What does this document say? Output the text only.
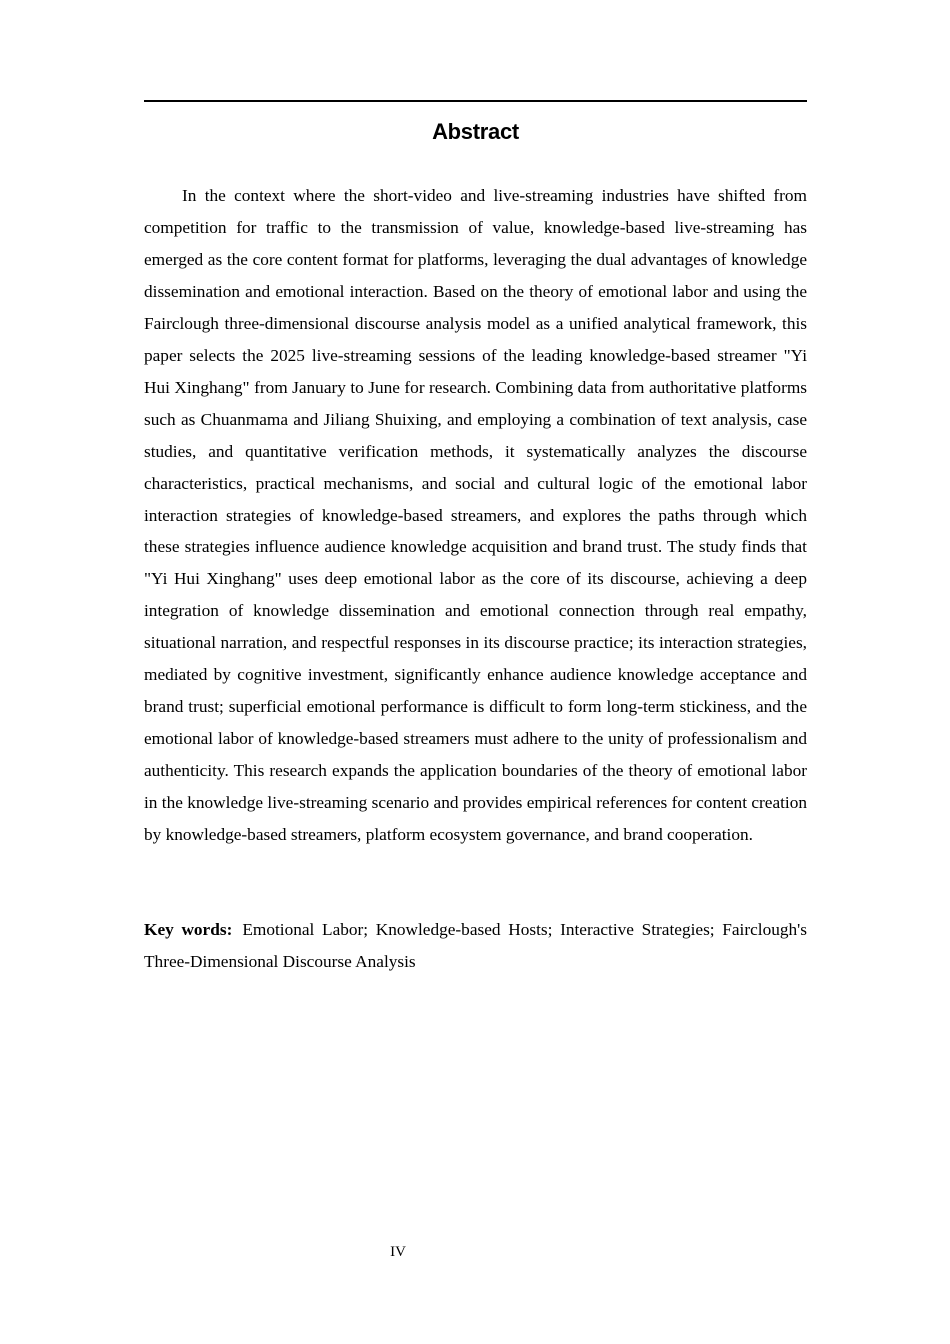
Abstract

In the context where the short-video and live-streaming industries have shifted from competition for traffic to the transmission of value, knowledge-based live-streaming has emerged as the core content format for platforms, leveraging the dual advantages of knowledge dissemination and emotional interaction. Based on the theory of emotional labor and using the Fairclough three-dimensional discourse analysis model as a unified analytical framework, this paper selects the 2025 live-streaming sessions of the leading knowledge-based streamer "Yi Hui Xinghang" from January to June for research. Combining data from authoritative platforms such as Chuanmama and Jiliang Shuixing, and employing a combination of text analysis, case studies, and quantitative verification methods, it systematically analyzes the discourse characteristics, practical mechanisms, and social and cultural logic of the emotional labor interaction strategies of knowledge-based streamers, and explores the paths through which these strategies influence audience knowledge acquisition and brand trust. The study finds that "Yi Hui Xinghang" uses deep emotional labor as the core of its discourse, achieving a deep integration of knowledge dissemination and emotional connection through real empathy, situational narration, and respectful responses in its discourse practice; its interaction strategies, mediated by cognitive investment, significantly enhance audience knowledge acceptance and brand trust; superficial emotional performance is difficult to form long-term stickiness, and the emotional labor of knowledge-based streamers must adhere to the unity of professionalism and authenticity. This research expands the application boundaries of the theory of emotional labor in the knowledge live-streaming scenario and provides empirical references for content creation by knowledge-based streamers, platform ecosystem governance, and brand cooperation.

Key words: Emotional Labor; Knowledge-based Hosts; Interactive Strategies; Fairclough's Three-Dimensional Discourse Analysis

IV
